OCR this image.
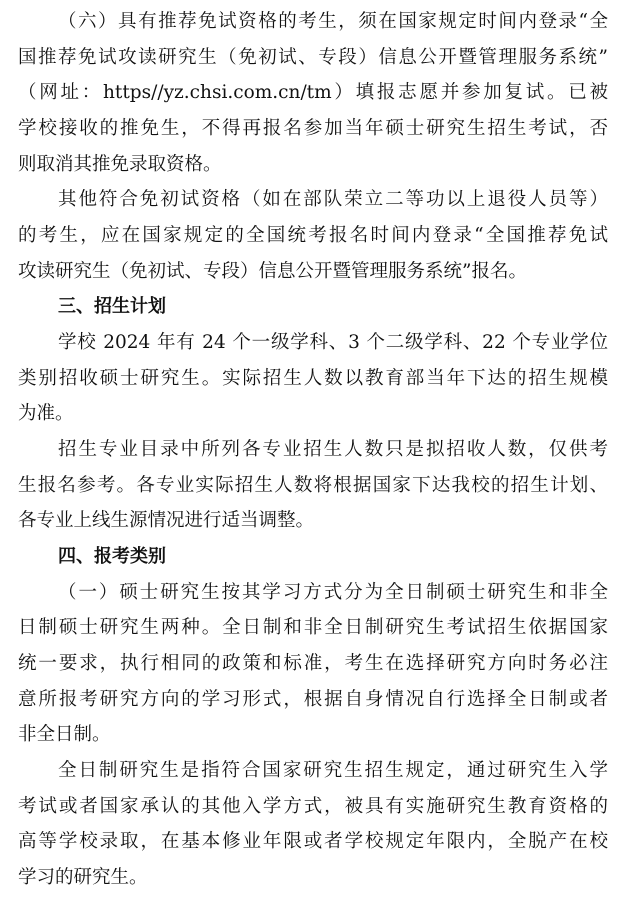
（六）具有推荐免试资格的考生，须在国家规定时间内登录“全
国推荐免试攻读研究生（免初试、专段）信息公开暨管理服务系统”
（网址：https//yz.chsi.com.cn/tm）填报志愿并参加复试。已被
学校接收的推免生，不得再报名参加当年硕士研究生招生考试，否
则取消其推免录取资格。
其他符合免初试资格（如在部队荣立二等功以上退役人员等）
的考生，应在国家规定的全国统考报名时间内登录“全国推荐免试
攻读研究生（免初试、专段）信息公开暨管理服务系统”报名。
三、招生计划
学校 2024 年有 24 个一级学科、3 个二级学科、22 个专业学位
类别招收硕士研究生。实际招生人数以教育部当年下达的招生规模
为准。
招生专业目录中所列各专业招生人数只是拟招收人数，仅供考
生报名参考。各专业实际招生人数将根据国家下达我校的招生计划、
各专业上线生源情况进行适当调整。
四、报考类别
（一）硕士研究生按其学习方式分为全日制硕士研究生和非全
日制硕士研究生两种。全日制和非全日制研究生考试招生依据国家
统一要求，执行相同的政策和标准，考生在选择研究方向时务必注
意所报考研究方向的学习形式，根据自身情况自行选择全日制或者
非全日制。
全日制研究生是指符合国家研究生招生规定，通过研究生入学
考试或者国家承认的其他入学方式，被具有实施研究生教育资格的
高等学校录取，在基本修业年限或者学校规定年限内，全脱产在校
学习的研究生。
